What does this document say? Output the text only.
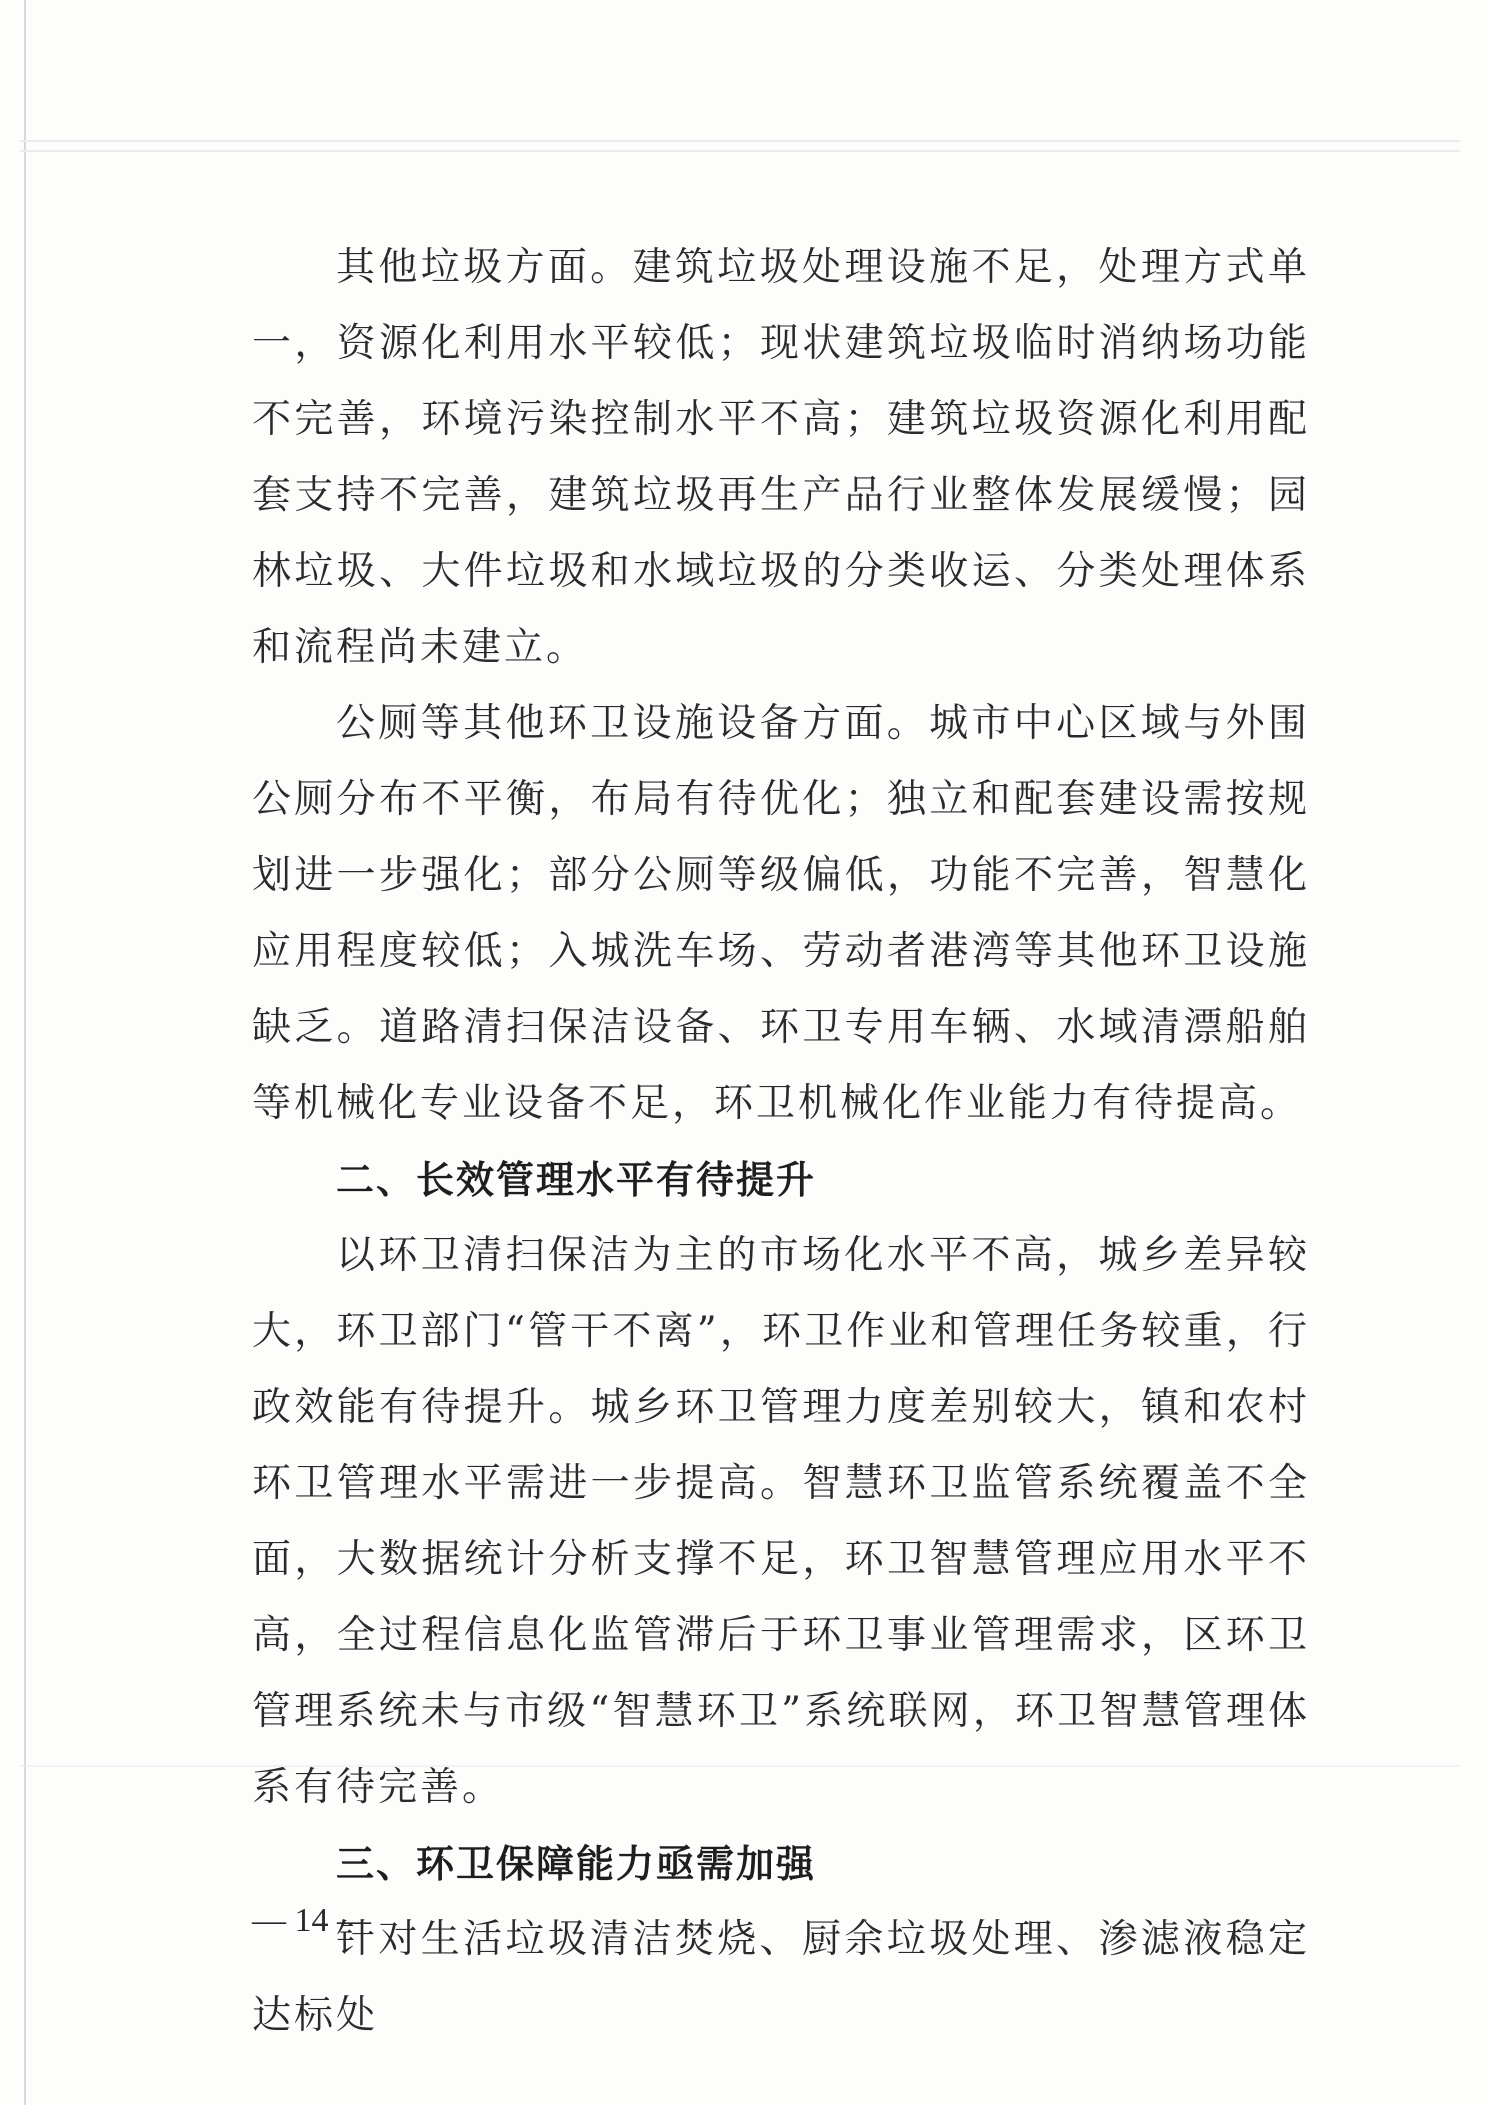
其他垃圾方面。建筑垃圾处理设施不足，处理方式单一，资源化利用水平较低；现状建筑垃圾临时消纳场功能不完善，环境污染控制水平不高；建筑垃圾资源化利用配套支持不完善，建筑垃圾再生产品行业整体发展缓慢；园林垃圾、大件垃圾和水域垃圾的分类收运、分类处理体系和流程尚未建立。

公厕等其他环卫设施设备方面。城市中心区域与外围公厕分布不平衡，布局有待优化；独立和配套建设需按规划进一步强化；部分公厕等级偏低，功能不完善，智慧化应用程度较低；入城洗车场、劳动者港湾等其他环卫设施缺乏。道路清扫保洁设备、环卫专用车辆、水域清漂船舶等机械化专业设备不足，环卫机械化作业能力有待提高。

二、长效管理水平有待提升

以环卫清扫保洁为主的市场化水平不高，城乡差异较大，环卫部门“管干不离”，环卫作业和管理任务较重，行政效能有待提升。城乡环卫管理力度差别较大，镇和农村环卫管理水平需进一步提高。智慧环卫监管系统覆盖不全面，大数据统计分析支撑不足，环卫智慧管理应用水平不高，全过程信息化监管滞后于环卫事业管理需求，区环卫管理系统未与市级“智慧环卫”系统联网，环卫智慧管理体系有待完善。

三、环卫保障能力亟需加强

针对生活垃圾清洁焚烧、厨余垃圾处理、渗滤液稳定达标处

— 14 —
